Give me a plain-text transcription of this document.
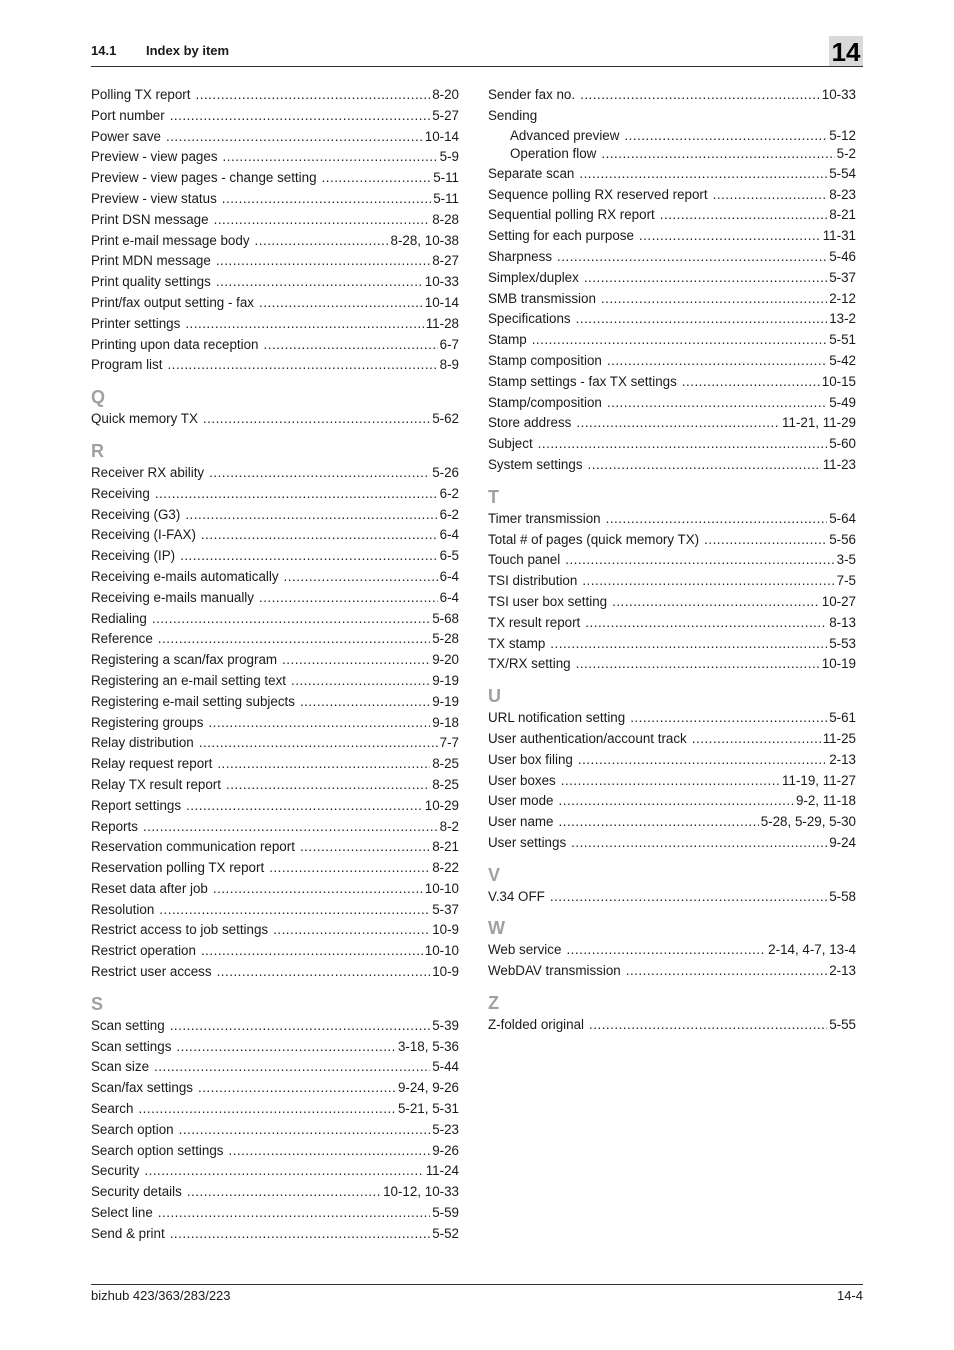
14.1 Index by item	14
Polling TX report .....	8-20
Port number .....	5-27
Power save .....	10-14
Preview - view pages .....	5-9
Preview - view pages - change setting .....	5-11
Preview - view status .....	5-11
Print DSN message .....	8-28
Print e-mail message body .....	8-28, 10-38
Print MDN message .....	8-27
Print quality settings .....	10-33
Print/fax output setting - fax .....	10-14
Printer settings .....	11-28
Printing upon data reception .....	6-7
Program list .....	8-9
Q
Quick memory TX .....	5-62
R
Receiver RX ability .....	5-26
Receiving .....	6-2
Receiving (G3) .....	6-2
Receiving (I-FAX) .....	6-4
Receiving (IP) .....	6-5
Receiving e-mails automatically .....	6-4
Receiving e-mails manually .....	6-4
Redialing .....	5-68
Reference .....	5-28
Registering a scan/fax program .....	9-20
Registering an e-mail setting text .....	9-19
Registering e-mail setting subjects .....	9-19
Registering groups .....	9-18
Relay distribution .....	7-7
Relay request report .....	8-25
Relay TX result report .....	8-25
Report settings .....	10-29
Reports .....	8-2
Reservation communication report .....	8-21
Reservation polling TX report .....	8-22
Reset data after job .....	10-10
Resolution .....	5-37
Restrict access to job settings .....	10-9
Restrict operation .....	10-10
Restrict user access .....	10-9
S
Scan setting .....	5-39
Scan settings .....	3-18, 5-36
Scan size .....	5-44
Scan/fax settings .....	9-24, 9-26
Search .....	5-21, 5-31
Search option .....	5-23
Search option settings .....	9-26
Security .....	11-24
Security details .....	10-12, 10-33
Select line .....	5-59
Send & print .....	5-52
Sender fax no. .....	10-33
Sending
Advanced preview .....	5-12
Operation flow .....	5-2
Separate scan .....	5-54
Sequence polling RX reserved report .....	8-23
Sequential polling RX report .....	8-21
Setting for each purpose .....	11-31
Sharpness .....	5-46
Simplex/duplex .....	5-37
SMB transmission .....	2-12
Specifications .....	13-2
Stamp .....	5-51
Stamp composition .....	5-42
Stamp settings - fax TX settings .....	10-15
Stamp/composition .....	5-49
Store address .....	11-21, 11-29
Subject .....	5-60
System settings .....	11-23
T
Timer transmission .....	5-64
Total # of pages (quick memory TX) .....	5-56
Touch panel .....	3-5
TSI distribution .....	7-5
TSI user box setting .....	10-27
TX result report .....	8-13
TX stamp .....	5-53
TX/RX setting .....	10-19
U
URL notification setting .....	5-61
User authentication/account track .....	11-25
User box filing .....	2-13
User boxes .....	11-19, 11-27
User mode .....	9-2, 11-18
User name .....	5-28, 5-29, 5-30
User settings .....	9-24
V
V.34 OFF .....	5-58
W
Web service .....	2-14, 4-7, 13-4
WebDAV transmission .....	2-13
Z
Z-folded original .....	5-55
bizhub 423/363/283/223	14-4
